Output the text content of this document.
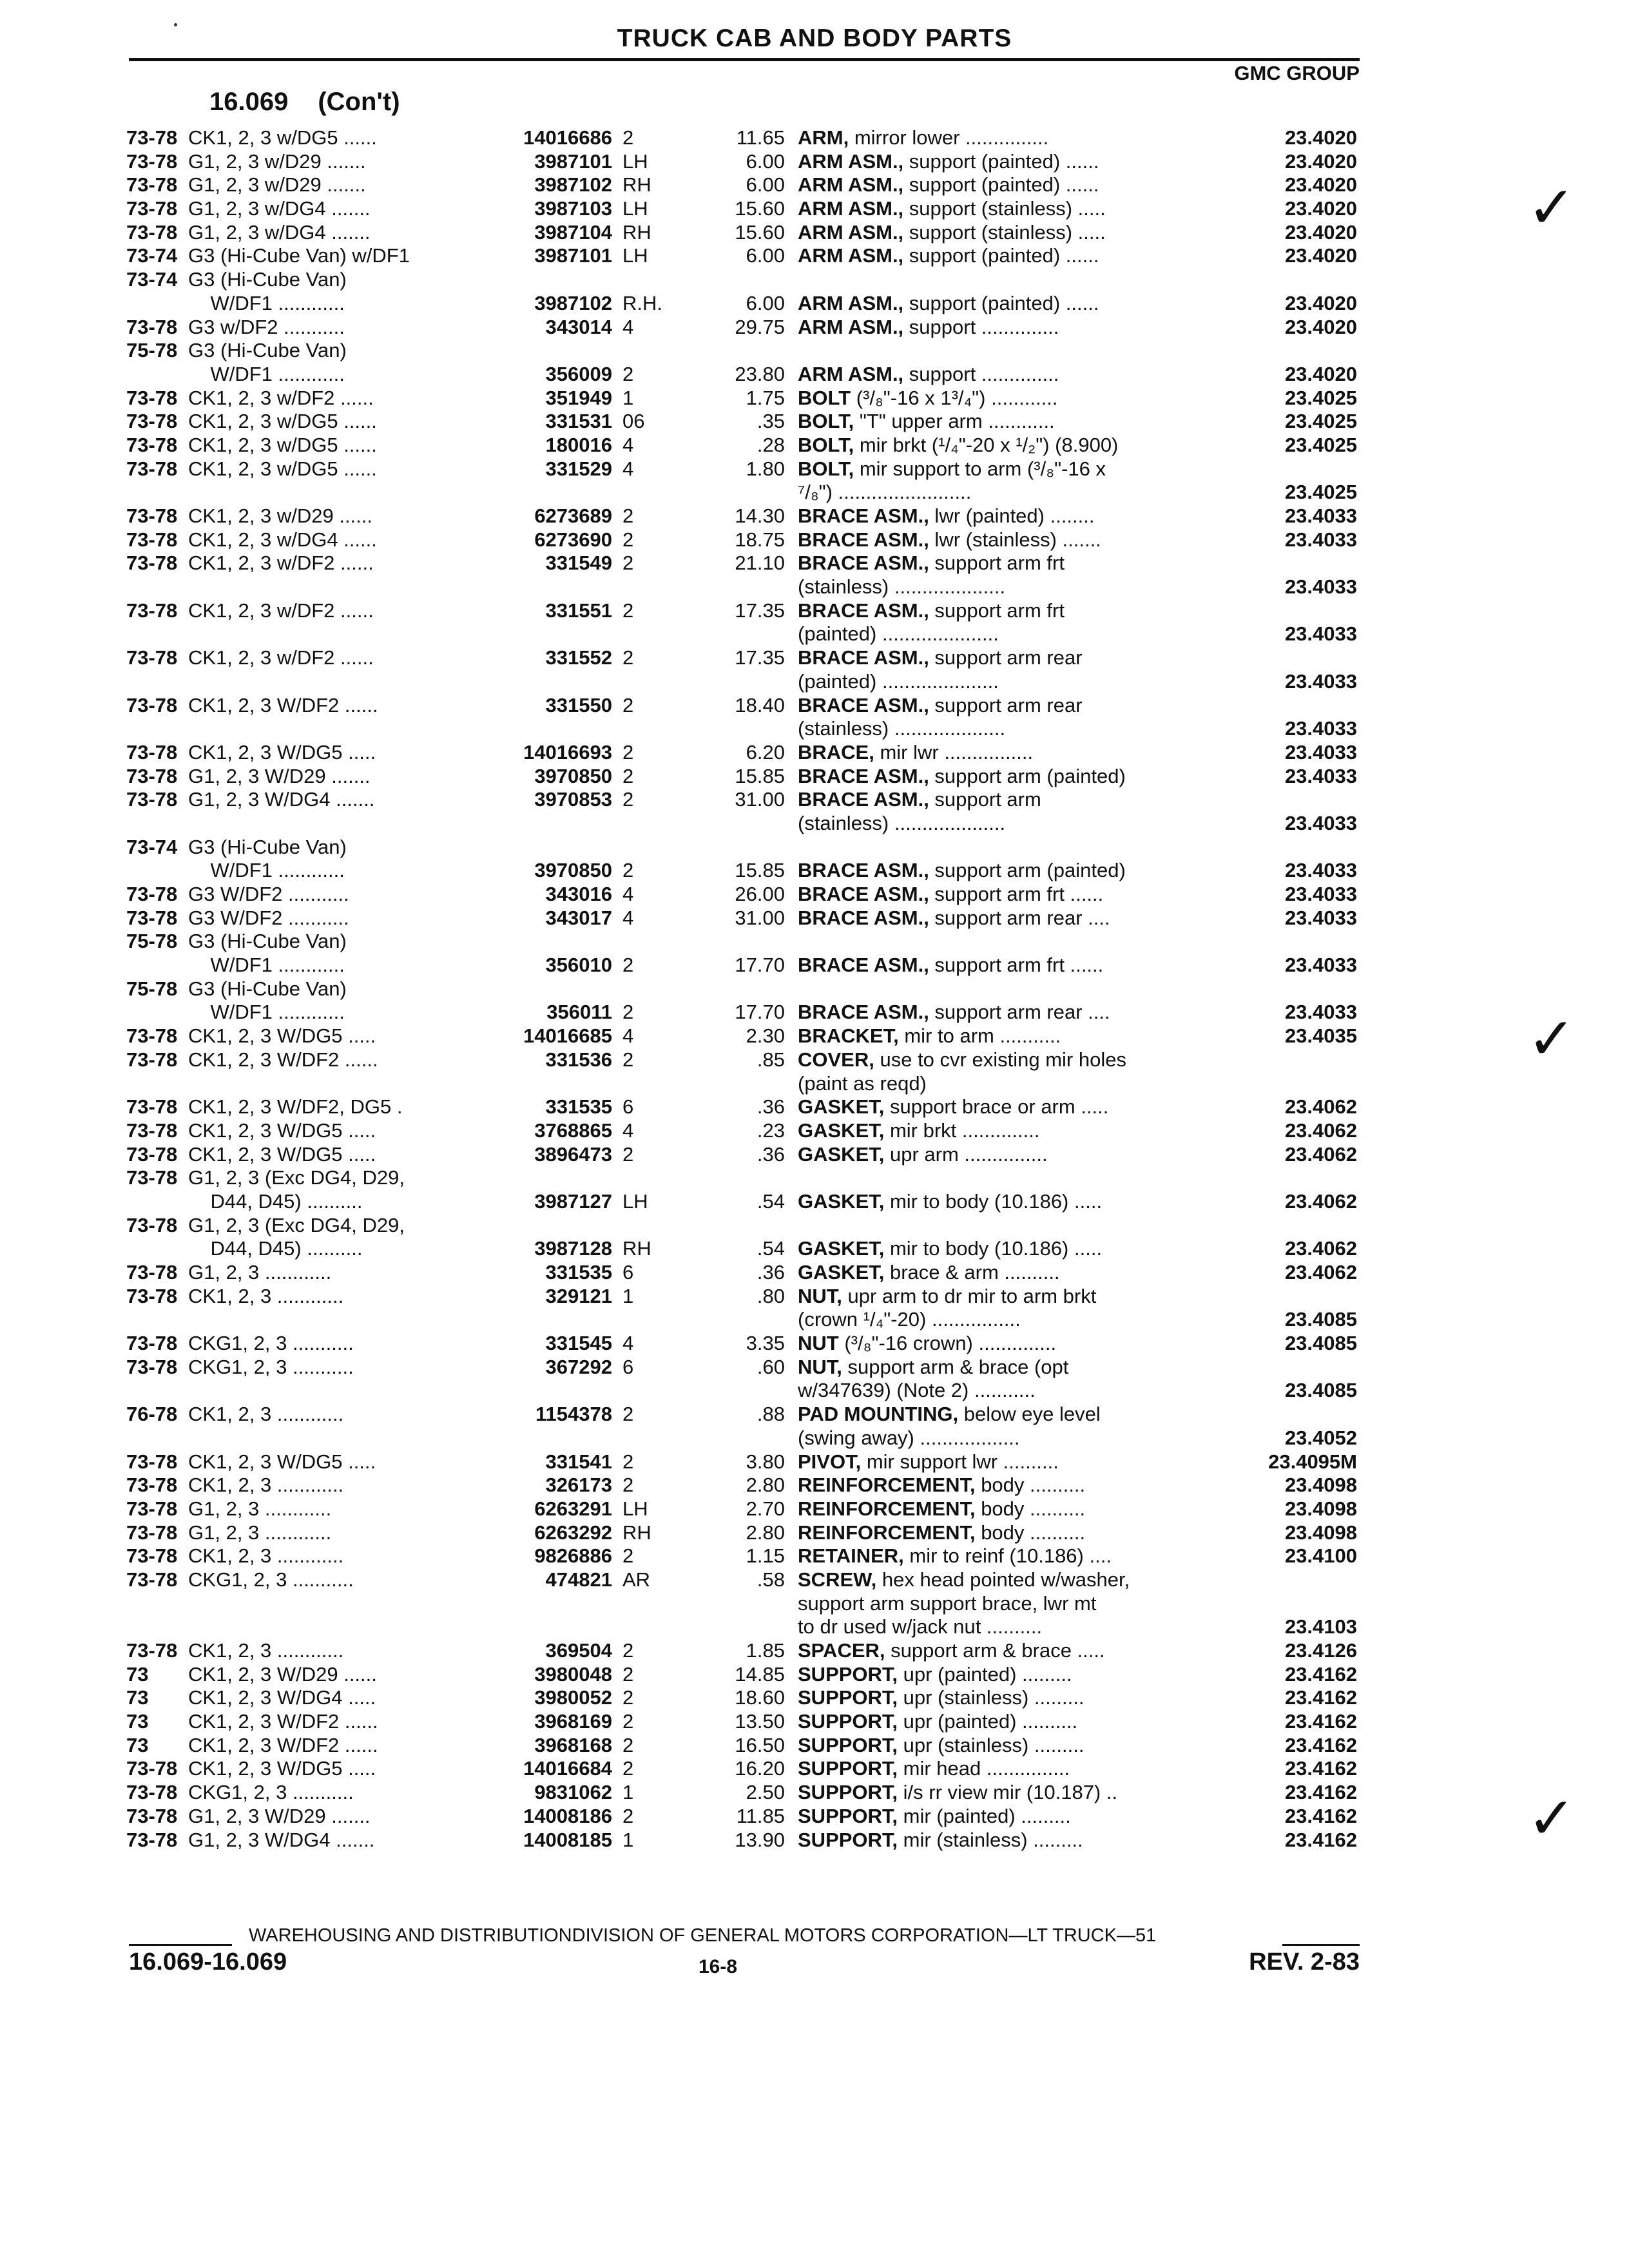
TRUCK CAB AND BODY PARTS
GMC GROUP
16.069 (Con't)
73-78 CK1, 2, 3 w/DG5 ......	14016686 2	11.65 ARM, mirror lower ...............	23.4020
73-78 G1, 2, 3 w/D29 .......	3987101 LH	6.00 ARM ASM., support (painted) ......	23.4020
73-78 G1, 2, 3 w/D29 .......	3987102 RH	6.00 ARM ASM., support (painted) ......	23.4020
73-78 G1, 2, 3 w/DG4 .......	3987103 LH	15.60 ARM ASM., support (stainless) .....	23.4020
73-78 G1, 2, 3 w/DG4 .......	3987104 RH	15.60 ARM ASM., support (stainless) .....	23.4020
73-74 G3 (Hi-Cube Van) w/DF1	3987101 LH	6.00 ARM ASM., support (painted) ......	23.4020
73-74 G3 (Hi-Cube Van)
W/DF1 ............	3987102 R.H.	6.00 ARM ASM., support (painted) ......	23.4020
73-78 G3 w/DF2 ...........	343014 4	29.75 ARM ASM., support ..............	23.4020
75-78 G3 (Hi-Cube Van)
W/DF1 ............	356009 2	23.80 ARM ASM., support ..............	23.4020
73-78 CK1, 2, 3 w/DF2 ......	351949 1	1.75 BOLT (³/₈"-16 x 1³/₄") ............	23.4025
73-78 CK1, 2, 3 w/DG5 ......	331531 06	.35 BOLT, "T" upper arm ............	23.4025
73-78 CK1, 2, 3 w/DG5 ......	180016 4	.28 BOLT, mir brkt (¹/₄"-20 x ¹/₂") (8.900)	23.4025
73-78 CK1, 2, 3 w/DG5 ......	331529 4	1.80 BOLT, mir support to arm (³/₈"-16 x
⁷/₈") ........................	23.4025
73-78 CK1, 2, 3 w/D29 ......	6273689 2	14.30 BRACE ASM., lwr (painted) ........	23.4033
73-78 CK1, 2, 3 w/DG4 ......	6273690 2	18.75 BRACE ASM., lwr (stainless) .......	23.4033
73-78 CK1, 2, 3 w/DF2 ......	331549 2	21.10 BRACE ASM., support arm frt
(stainless) ....................	23.4033
73-78 CK1, 2, 3 w/DF2 ......	331551 2	17.35 BRACE ASM., support arm frt
(painted) .....................	23.4033
73-78 CK1, 2, 3 w/DF2 ......	331552 2	17.35 BRACE ASM., support arm rear
(painted) .....................	23.4033
73-78 CK1, 2, 3 W/DF2 ......	331550 2	18.40 BRACE ASM., support arm rear
(stainless) ....................	23.4033
73-78 CK1, 2, 3 W/DG5 .....	14016693 2	6.20 BRACE, mir lwr ................	23.4033
73-78 G1, 2, 3 W/D29 .......	3970850 2	15.85 BRACE ASM., support arm (painted)	23.4033
73-78 G1, 2, 3 W/DG4 .......	3970853 2	31.00 BRACE ASM., support arm
(stainless) ....................	23.4033
73-74 G3 (Hi-Cube Van)
W/DF1 ............	3970850 2	15.85 BRACE ASM., support arm (painted)	23.4033
73-78 G3 W/DF2 ...........	343016 4	26.00 BRACE ASM., support arm frt ......	23.4033
73-78 G3 W/DF2 ...........	343017 4	31.00 BRACE ASM., support arm rear ....	23.4033
75-78 G3 (Hi-Cube Van)
W/DF1 ............	356010 2	17.70 BRACE ASM., support arm frt ......	23.4033
75-78 G3 (Hi-Cube Van)
W/DF1 ............	356011 2	17.70 BRACE ASM., support arm rear ....	23.4033
73-78 CK1, 2, 3 W/DG5 .....	14016685 4	2.30 BRACKET, mir to arm ...........	23.4035
73-78 CK1, 2, 3 W/DF2 ......	331536 2	.85 COVER, use to cvr existing mir holes
(paint as reqd)
73-78 CK1, 2, 3 W/DF2, DG5 .	331535 6	.36 GASKET, support brace or arm .....	23.4062
73-78 CK1, 2, 3 W/DG5 .....	3768865 4	.23 GASKET, mir brkt ..............	23.4062
73-78 CK1, 2, 3 W/DG5 .....	3896473 2	.36 GASKET, upr arm ...............	23.4062
73-78 G1, 2, 3 (Exc DG4, D29,
D44, D45) ..........	3987127 LH	.54 GASKET, mir to body (10.186) .....	23.4062
73-78 G1, 2, 3 (Exc DG4, D29,
D44, D45) ..........	3987128 RH	.54 GASKET, mir to body (10.186) .....	23.4062
73-78 G1, 2, 3 ............	331535 6	.36 GASKET, brace & arm ..........	23.4062
73-78 CK1, 2, 3 ............	329121 1	.80 NUT, upr arm to dr mir to arm brkt
(crown ¹/₄"-20) ................	23.4085
73-78 CKG1, 2, 3 ...........	331545 4	3.35 NUT (³/₈"-16 crown) ..............	23.4085
73-78 CKG1, 2, 3 ...........	367292 6	.60 NUT, support arm & brace (opt
w/347639) (Note 2) ...........	23.4085
76-78 CK1, 2, 3 ............	1154378 2	.88 PAD MOUNTING, below eye level
(swing away) ..................	23.4052
73-78 CK1, 2, 3 W/DG5 .....	331541 2	3.80 PIVOT, mir support lwr ..........	23.4095M
73-78 CK1, 2, 3 ............	326173 2	2.80 REINFORCEMENT, body ..........	23.4098
73-78 G1, 2, 3 ............	6263291 LH	2.70 REINFORCEMENT, body ..........	23.4098
73-78 G1, 2, 3 ............	6263292 RH	2.80 REINFORCEMENT, body ..........	23.4098
73-78 CK1, 2, 3 ............	9826886 2	1.15 RETAINER, mir to reinf (10.186) ....	23.4100
73-78 CKG1, 2, 3 ...........	474821 AR	.58 SCREW, hex head pointed w/washer,
support arm support brace, lwr mt
to dr used w/jack nut ..........	23.4103
73-78 CK1, 2, 3 ............	369504 2	1.85 SPACER, support arm & brace .....	23.4126
73 CK1, 2, 3 W/D29 ......	3980048 2	14.85 SUPPORT, upr (painted) .........	23.4162
73 CK1, 2, 3 W/DG4 .....	3980052 2	18.60 SUPPORT, upr (stainless) .........	23.4162
73 CK1, 2, 3 W/DF2 ......	3968169 2	13.50 SUPPORT, upr (painted) ..........	23.4162
73 CK1, 2, 3 W/DF2 ......	3968168 2	16.50 SUPPORT, upr (stainless) .........	23.4162
73-78 CK1, 2, 3 W/DG5 .....	14016684 2	16.20 SUPPORT, mir head ...............	23.4162
73-78 CKG1, 2, 3 ...........	9831062 1	2.50 SUPPORT, i/s rr view mir (10.187) ..	23.4162
73-78 G1, 2, 3 W/D29 .......	14008186 2	11.85 SUPPORT, mir (painted) .........	23.4162
73-78 G1, 2, 3 W/DG4 .......	14008185 1	13.90 SUPPORT, mir (stainless) .........	23.4162
✓
✓
✓
WAREHOUSING AND DISTRIBUTIONDIVISION OF GENERAL MOTORS CORPORATION—LT TRUCK—51
16.069-16.069	16-8	REV. 2-83
